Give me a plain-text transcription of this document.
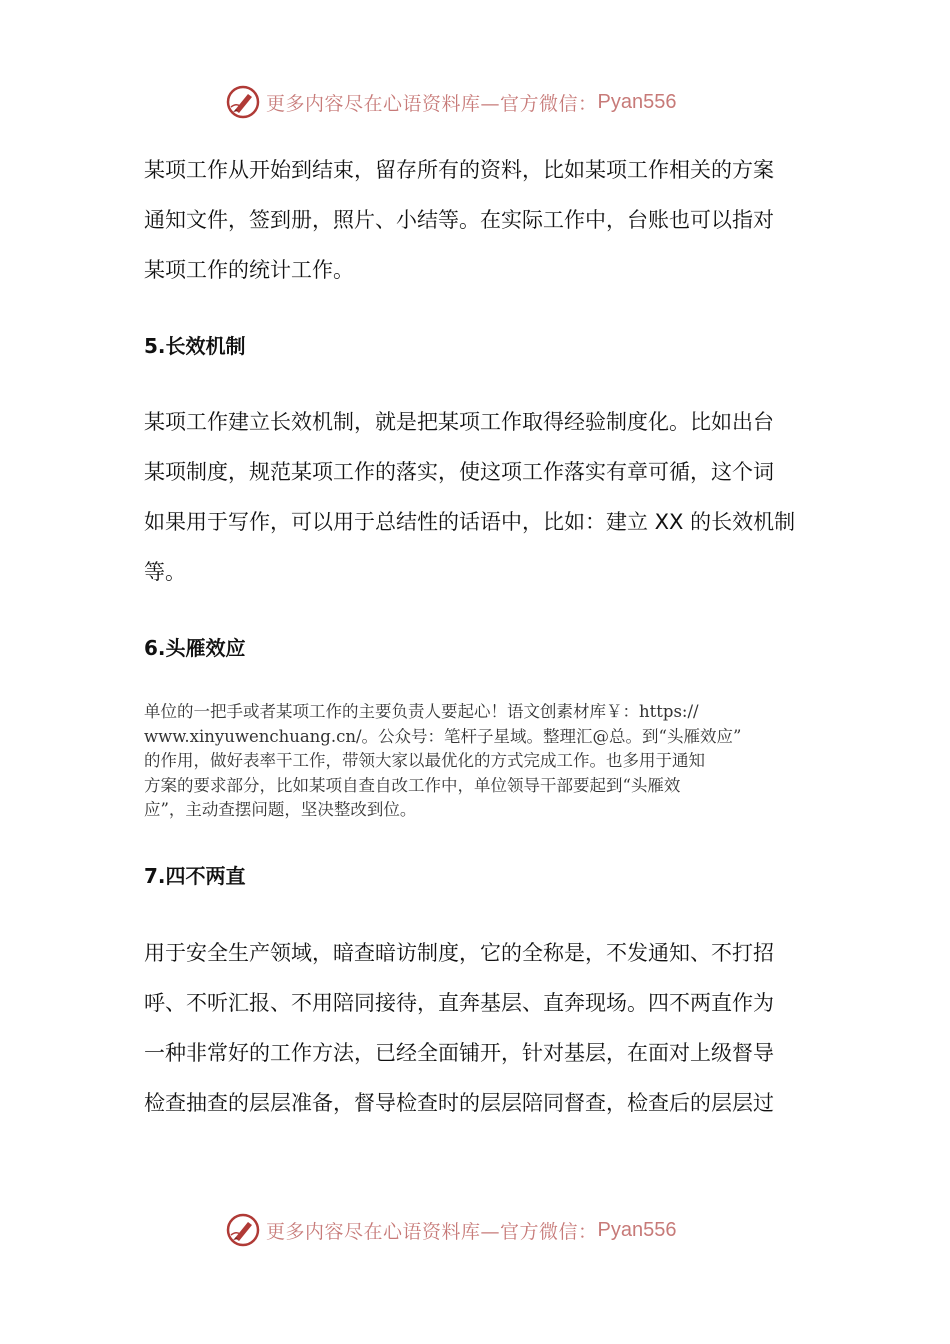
更多内容尽在心语资料库—官方微信： Pyan556

某项工作从开始到结束，留存所有的资料，比如某项工作相关的方案

通知文件，签到册，照片、小结等。在实际工作中，台账也可以指对

某项工作的统计工作。

5.长效机制

某项工作建立长效机制，就是把某项工作取得经验制度化。比如出台

某项制度，规范某项工作的落实，使这项工作落实有章可循，这个词

如果用于写作，可以用于总结性的话语中，比如：建立 XX 的长效机制

等。

6.头雁效应

单位的一把手或者某项工作的主要负责人要起心！语文创素材库￥：https://

www.xinyuwenchuang.cn/。公众号：笔杆子星域。整理汇@总。到“头雁效应”

的作用，做好表率干工作，带领大家以最优化的方式完成工作。也多用于通知

方案的要求部分，比如某项自查自改工作中，单位领导干部要起到“头雁效

应”，主动查摆问题，坚决整改到位。

7.四不两直

用于安全生产领域，暗查暗访制度，它的全称是，不发通知、不打招

呼、不听汇报、不用陪同接待，直奔基层、直奔现场。四不两直作为

一种非常好的工作方法，已经全面铺开，针对基层，在面对上级督导

检查抽查的层层准备，督导检查时的层层陪同督查，检查后的层层过

更多内容尽在心语资料库—官方微信： Pyan556
